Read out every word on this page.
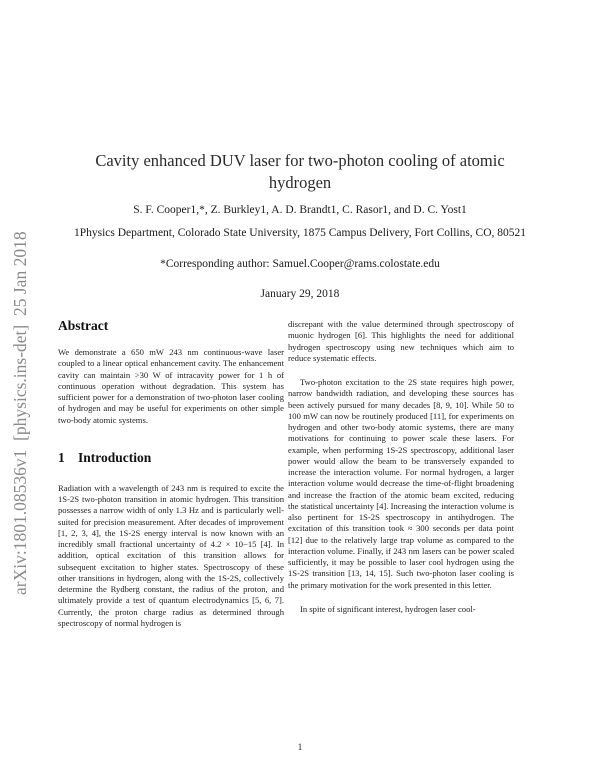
arXiv:1801.08536v1  [physics.ins-det]  25 Jan 2018
Cavity enhanced DUV laser for two-photon cooling of atomic hydrogen
S. F. Cooper1,*, Z. Burkley1, A. D. Brandt1, C. Rasor1, and D. C. Yost1
1Physics Department, Colorado State University, 1875 Campus Delivery, Fort Collins, CO, 80521
*Corresponding author: Samuel.Cooper@rams.colostate.edu
January 29, 2018
Abstract

We demonstrate a 650 mW 243 nm continuous-wave laser coupled to a linear optical enhancement cavity. The enhancement cavity can maintain >30 W of intracavity power for 1 h of continuous operation without degradation. This system has sufficient power for a demonstration of two-photon laser cooling of hydrogen and may be useful for experiments on other simple two-body atomic systems.

1 Introduction

Radiation with a wavelength of 243 nm is required to excite the 1S-2S two-photon transition in atomic hydrogen. This transition possesses a narrow width of only 1.3 Hz and is particularly well-suited for precision measurement. After decades of improvement [1, 2, 3, 4], the 1S-2S energy interval is now known with an incredibly small fractional uncertainty of 4.2 × 10−15 [4]. In addition, optical excitation of this transition allows for subsequent excitation to higher states. Spectroscopy of these other transitions in hydrogen, along with the 1S-2S, collectively determine the Rydberg constant, the radius of the proton, and ultimately provide a test of quantum electrodynamics [5, 6, 7]. Currently, the proton charge radius as determined through spectroscopy of normal hydrogen is

discrepant with the value determined through spectroscopy of muonic hydrogen [6]. This highlights the need for additional hydrogen spectroscopy using new techniques which aim to reduce systematic effects.

Two-photon excitation to the 2S state requires high power, narrow bandwidth radiation, and developing these sources has been actively pursued for many decades [8, 9, 10]. While 50 to 100 mW can now be routinely produced [11], for experiments on hydrogen and other two-body atomic systems, there are many motivations for continuing to power scale these lasers. For example, when performing 1S-2S spectroscopy, additional laser power would allow the beam to be transversely expanded to increase the interaction volume. For normal hydrogen, a larger interaction volume would decrease the time-of-flight broadening and increase the fraction of the atomic beam excited, reducing the statistical uncertainty [4]. Increasing the interaction volume is also pertinent for 1S-2S spectroscopy in antihydrogen. The excitation of this transition took ≈ 300 seconds per data point [12] due to the relatively large trap volume as compared to the interaction volume. Finally, if 243 nm lasers can be power scaled sufficiently, it may be possible to laser cool hydrogen using the 1S-2S transition [13, 14, 15]. Such two-photon laser cooling is the primary motivation for the work presented in this letter.

In spite of significant interest, hydrogen laser cool-

1
